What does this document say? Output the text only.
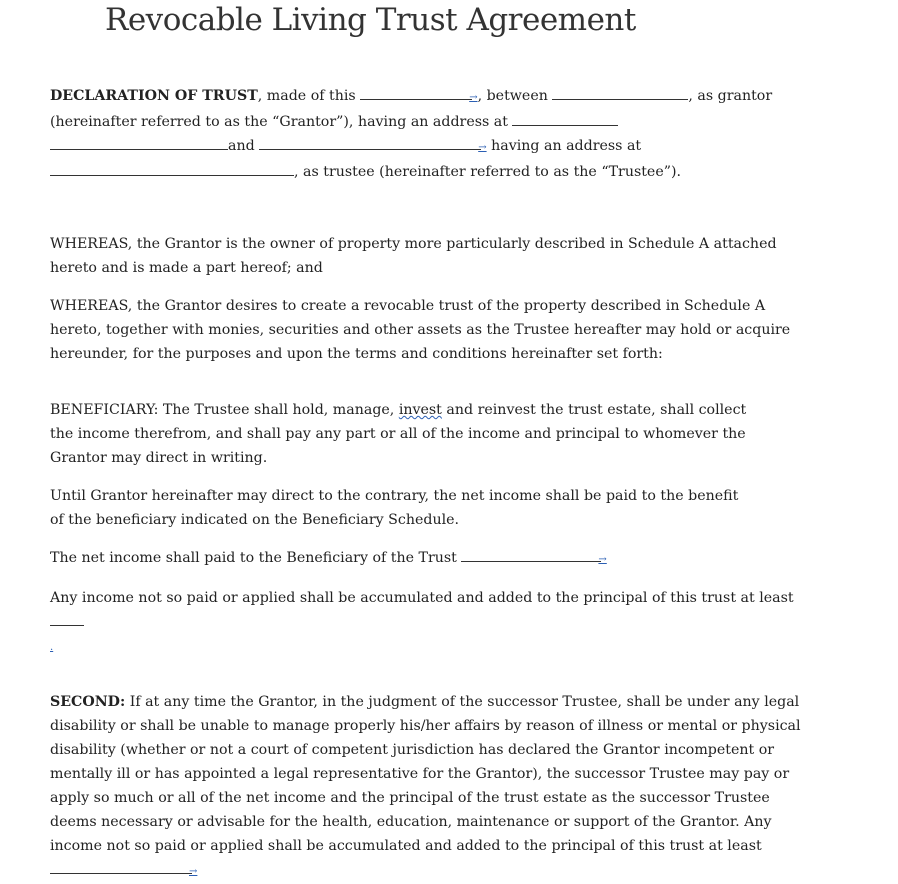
Revocable Living Trust Agreement

DECLARATION OF TRUST, made of this	→, between	, as grantor
(hereinafter referred to as the “Grantor”), having an address at
and	→ having an address at
, as trustee (hereinafter referred to as the “Trustee”).

WHEREAS, the Grantor is the owner of property more particularly described in Schedule A attached hereto and is made a part hereof; and

WHEREAS, the Grantor desires to create a revocable trust of the property described in Schedule A hereto, together with monies, securities and other assets as the Trustee hereafter may hold or acquire hereunder, for the purposes and upon the terms and conditions hereinafter set forth:

BENEFICIARY: The Trustee shall hold, manage, invest and reinvest the trust estate, shall collect the income therefrom, and shall pay any part or all of the income and principal to whomever the Grantor may direct in writing.

Until Grantor hereinafter may direct to the contrary, the net income shall be paid to the benefit of the beneficiary indicated on the Beneficiary Schedule.

The net income shall paid to the Beneficiary of the Trust	→

Any income not so paid or applied shall be accumulated and added to the principal of this trust at least
.

SECOND: If at any time the Grantor, in the judgment of the successor Trustee, shall be under any legal disability or shall be unable to manage properly his/her affairs by reason of illness or mental or physical disability (whether or not a court of competent jurisdiction has declared the Grantor incompetent or mentally ill or has appointed a legal representative for the Grantor), the successor Trustee may pay or apply so much or all of the net income and the principal of the trust estate as the successor Trustee deems necessary or advisable for the health, education, maintenance or support of the Grantor. Any income not so paid or applied shall be accumulated and added to the principal of this trust at least →
